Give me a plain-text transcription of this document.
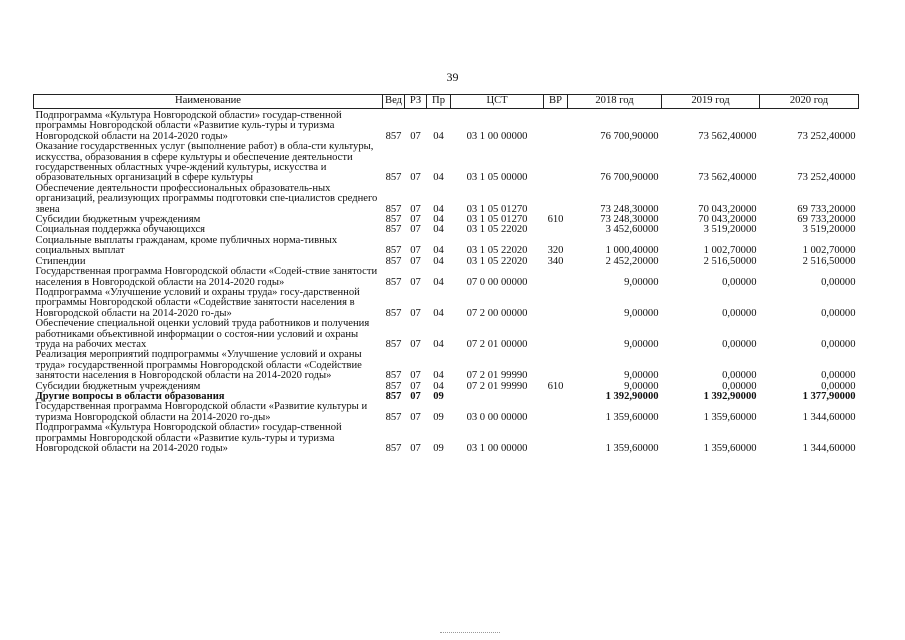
39
Наименование	Вед	РЗ	Пр	ЦСТ	ВР	2018 год	2019 год	2020 год
Подпрограмма «Культура Новгородской области» государ-ственной программы Новгородской области «Развитие куль-туры и туризма Новгородской области на 2014-2020 годы»	857	07	04	03 1 00 00000		76 700,90000	73 562,40000	73 252,40000
Оказание государственных услуг (выполнение работ) в обла-сти культуры, искусства, образования в сфере культуры и обеспечение деятельности государственных областных учре-ждений культуры, искусства и образовательных организаций в сфере культуры	857	07	04	03 1 05 00000		76 700,90000	73 562,40000	73 252,40000
Обеспечение деятельности профессиональных образователь-ных организаций, реализующих программы подготовки спе-циалистов среднего звена	857	07	04	03 1 05 01270		73 248,30000	70 043,20000	69 733,20000
Субсидии бюджетным учреждениям	857	07	04	03 1 05 01270	610	73 248,30000	70 043,20000	69 733,20000
Социальная поддержка обучающихся	857	07	04	03 1 05 22020		3 452,60000	3 519,20000	3 519,20000
Социальные выплаты гражданам, кроме публичных норма-тивных социальных выплат	857	07	04	03 1 05 22020	320	1 000,40000	1 002,70000	1 002,70000
Стипендии	857	07	04	03 1 05 22020	340	2 452,20000	2 516,50000	2 516,50000
Государственная программа Новгородской области «Содей-ствие занятости населения в Новгородской области на 2014-2020 годы»	857	07	04	07 0 00 00000		9,00000	0,00000	0,00000
Подпрограмма «Улучшение условий и охраны труда» госу-дарственной программы Новгородской области «Содействие занятости населения в Новгородской области на 2014-2020 го-ды»	857	07	04	07 2 00 00000		9,00000	0,00000	0,00000
Обеспечение специальной оценки условий труда работников и получения работниками объективной информации о состоя-нии условий и охраны труда на рабочих местах	857	07	04	07 2 01 00000		9,00000	0,00000	0,00000
Реализация мероприятий подпрограммы «Улучшение условий и охраны труда» государственной программы Новгородской области «Содействие занятости населения в Новгородской области на 2014-2020 годы»	857	07	04	07 2 01 99990		9,00000	0,00000	0,00000
Субсидии бюджетным учреждениям	857	07	04	07 2 01 99990	610	9,00000	0,00000	0,00000
Другие вопросы в области образования	857	07	09			1 392,90000	1 392,90000	1 377,90000
Государственная программа Новгородской области «Развитие культуры и туризма Новгородской области на 2014-2020 го-ды»	857	07	09	03 0 00 00000		1 359,60000	1 359,60000	1 344,60000
Подпрограмма «Культура Новгородской области» государ-ственной программы Новгородской области «Развитие куль-туры и туризма Новгородской области на 2014-2020 годы»	857	07	09	03 1 00 00000		1 359,60000	1 359,60000	1 344,60000
